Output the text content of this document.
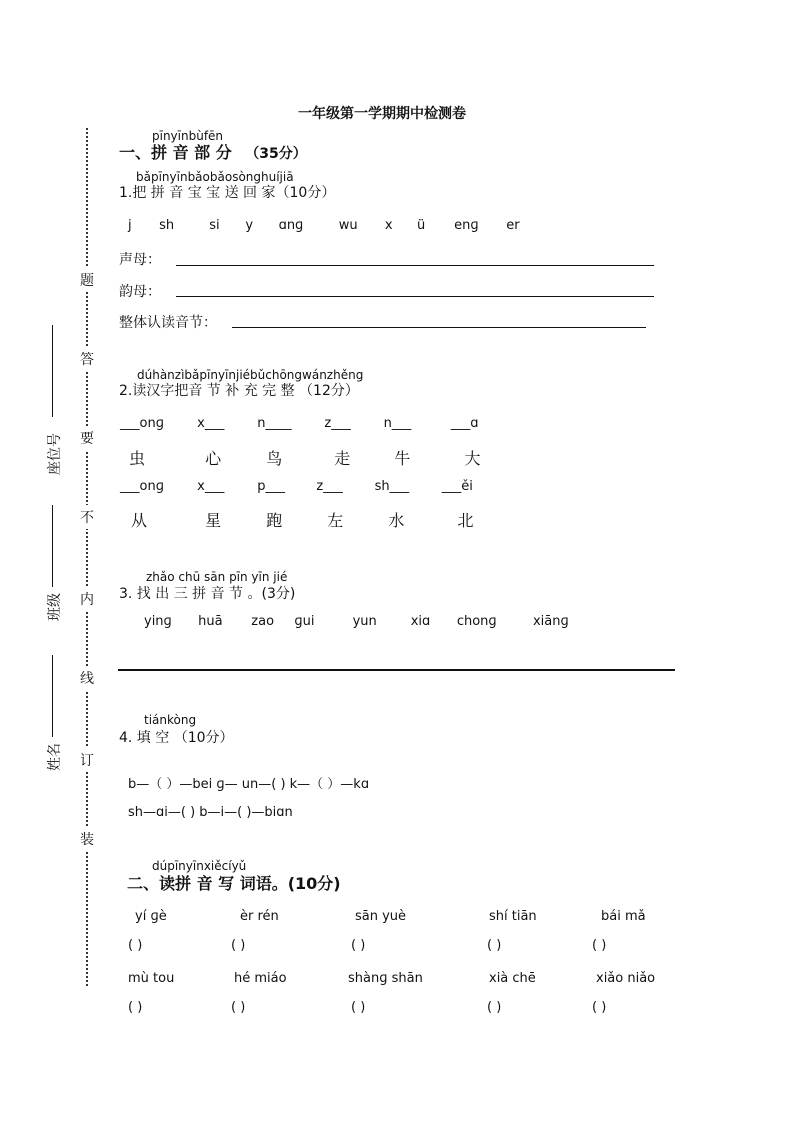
一年级第一学期期中检测卷
pīnyīnbùfēn
一、拼 音 部 分 （35分）
bǎpīnyīnbǎobǎosònghuíjiā
1.把 拼 音 宝 宝 送 回 家（10分）
j sh	si y ɑnɡ	wu x ü enɡ er
声母：
韵母：
整体认读音节：
dúhànzìbǎpīnyīnjiébǔchōngwánzhěng
2.读汉字把音 节 补 充 完 整 （12分）
___onɡ	x___	n____	z___	n___	___ɑ
虫	心	鸟	走	牛	大
___onɡ	x___	p___ z___ sh___	___ěi
从	星	跑	左	水	北
zhǎo chū sān pīn yīn jié
3. 找 出 三 拼 音 节 。(3分)
yinɡ huā zao ɡui	yun	xiɑ chonɡ	xiānɡ
tiánkòng
4. 填 空 （10分）
b—（ ）—bei ɡ— un—( ) k—（ ）—kɑ
sh—ɑi—( ) b—i—( )—biɑn
dúpīnyīnxiěcíyǔ
二、读拼 音 写 词语。(10分)
yí ɡè	èr rén	sān yuè	shí tiān	bái mǎ
( )	( )	( )	( )	( )
mù tou	hé miáo	shànɡ shān	xià chē	xiǎo niǎo
( )	( )	( )	( )	( )
题
答
要
不
内
线
订
装
座位号
班级
姓名
